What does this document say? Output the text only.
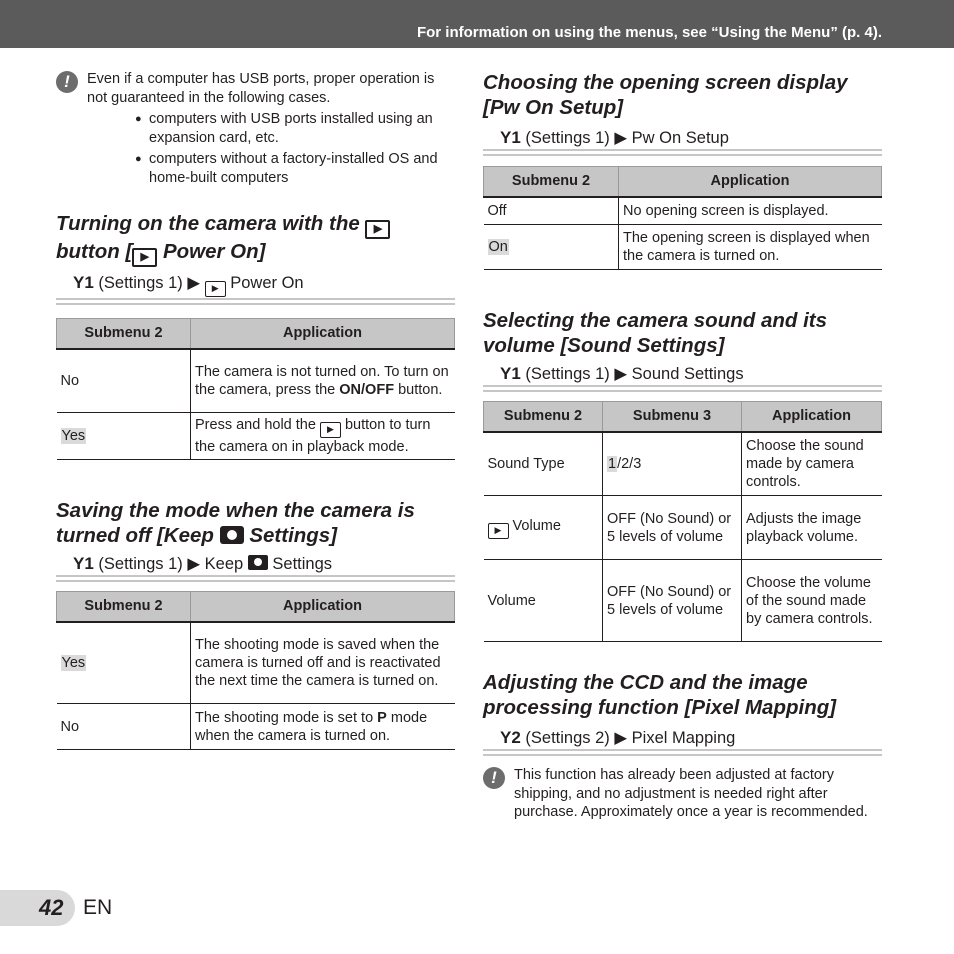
For information on using the menus, see “Using the Menu” (p. 4).
!	Even if a computer has USB ports, proper operation is not guaranteed in the following cases.
● computers with USB ports installed using an expansion card, etc.
● computers without a factory-installed OS and home-built computers
Turning on the camera with the ▶ button [ ▶ Power On]
Y1 (Settings 1) ▶ ▶ Power On
Submenu 2	Application
No	The camera is not turned on. To turn on the camera, press the ON/OFF button.
Yes	Press and hold the ▶ button to turn the camera on in playback mode.
Saving the mode when the camera is turned off [Keep Settings]
Y1 (Settings 1) ▶ Keep Settings
Submenu 2	Application
Yes	The shooting mode is saved when the camera is turned off and is reactivated the next time the camera is turned on.
No	The shooting mode is set to P mode when the camera is turned on.
Choosing the opening screen display [Pw On Setup]
Y1 (Settings 1) ▶ Pw On Setup
Submenu 2	Application
Off	No opening screen is displayed.
On	The opening screen is displayed when the camera is turned on.
Selecting the camera sound and its volume [Sound Settings]
Y1 (Settings 1) ▶ Sound Settings
Submenu 2	Submenu 3	Application
Sound Type	1/2/3	Choose the sound made by camera controls.
▶ Volume	OFF (No Sound) or 5 levels of volume	Adjusts the image playback volume.
Volume	OFF (No Sound) or 5 levels of volume	Choose the volume of the sound made by camera controls.
Adjusting the CCD and the image processing function [Pixel Mapping]
Y2 (Settings 2) ▶ Pixel Mapping
!	This function has already been adjusted at factory shipping, and no adjustment is needed right after purchase. Approximately once a year is recommended.
42 EN
